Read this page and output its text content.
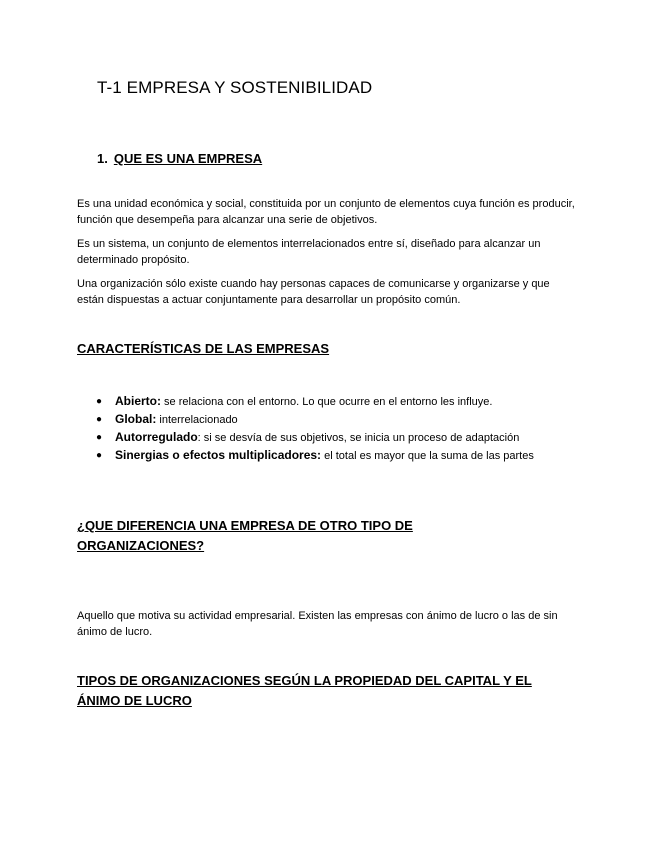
T-1 EMPRESA Y SOSTENIBILIDAD
1. QUE ES UNA EMPRESA

Es una unidad económica y social, constituida por un conjunto de elementos cuya función es producir, función que desempeña para alcanzar una serie de objetivos.

Es un sistema, un conjunto de elementos interrelacionados entre sí, diseñado para alcanzar un determinado propósito.

Una organización sólo existe cuando hay personas capaces de comunicarse y organizarse y que están dispuestas a actuar conjuntamente para desarrollar un propósito común.

CARACTERÍSTICAS DE LAS EMPRESAS
● Abierto: se relaciona con el entorno. Lo que ocurre en el entorno les influye.
● Global: interrelacionado
● Autorregulado: si se desvía de sus objetivos, se inicia un proceso de adaptación
● Sinergias o efectos multiplicadores: el total es mayor que la suma de las partes
¿QUE DIFERENCIA UNA EMPRESA DE OTRO TIPO DE ORGANIZACIONES?

Aquello que motiva su actividad empresarial. Existen las empresas con ánimo de lucro o las de sin ánimo de lucro.

TIPOS DE ORGANIZACIONES SEGÚN LA PROPIEDAD DEL CAPITAL Y EL ÁNIMO DE LUCRO
